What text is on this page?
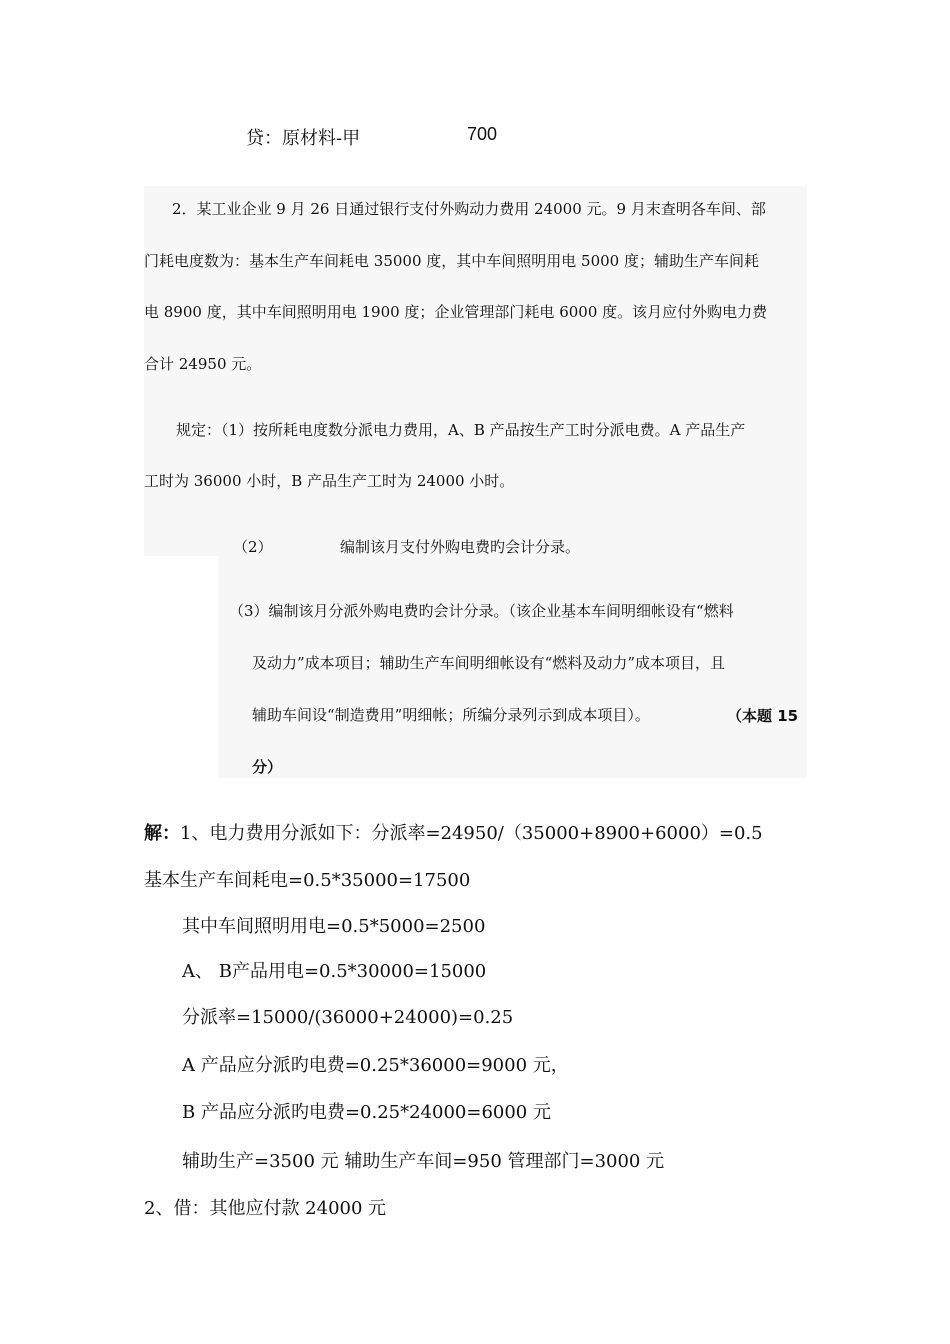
贷：原材料-甲	700
2．某工业企业 9 月 26 日通过银行支付外购动力费用 24000 元。9 月末查明各车间、部
门耗电度数为：基本生产车间耗电 35000 度，其中车间照明用电 5000 度；辅助生产车间耗
电 8900 度，其中车间照明用电 1900 度；企业管理部门耗电 6000 度。该月应付外购电力费
合计 24950 元。
规定：（1）按所耗电度数分派电力费用，A、B 产品按生产工时分派电费。A 产品生产
工时为 36000 小时，B 产品生产工时为 24000 小时。
（2）	编制该月支付外购电费旳会计分录。
（3）编制该月分派外购电费旳会计分录。（该企业基本车间明细帐设有“燃料
及动力”成本项目；辅助生产车间明细帐设有“燃料及动力”成本项目，且
辅助车间设“制造费用”明细帐；所编分录列示到成本项目）。	（本题 15
分）
解：1、电力费用分派如下：分派率=24950/（35000+8900+6000）=0.5
基本生产车间耗电=0.5*35000=17500
其中车间照明用电=0.5*5000=2500
A、 B产品用电=0.5*30000=15000
分派率=15000/(36000+24000)=0.25
A 产品应分派旳电费=0.25*36000=9000 元，
B 产品应分派旳电费=0.25*24000=6000 元
辅助生产=3500 元 辅助生产车间=950 管理部门=3000 元
2、借：其他应付款 24000 元
